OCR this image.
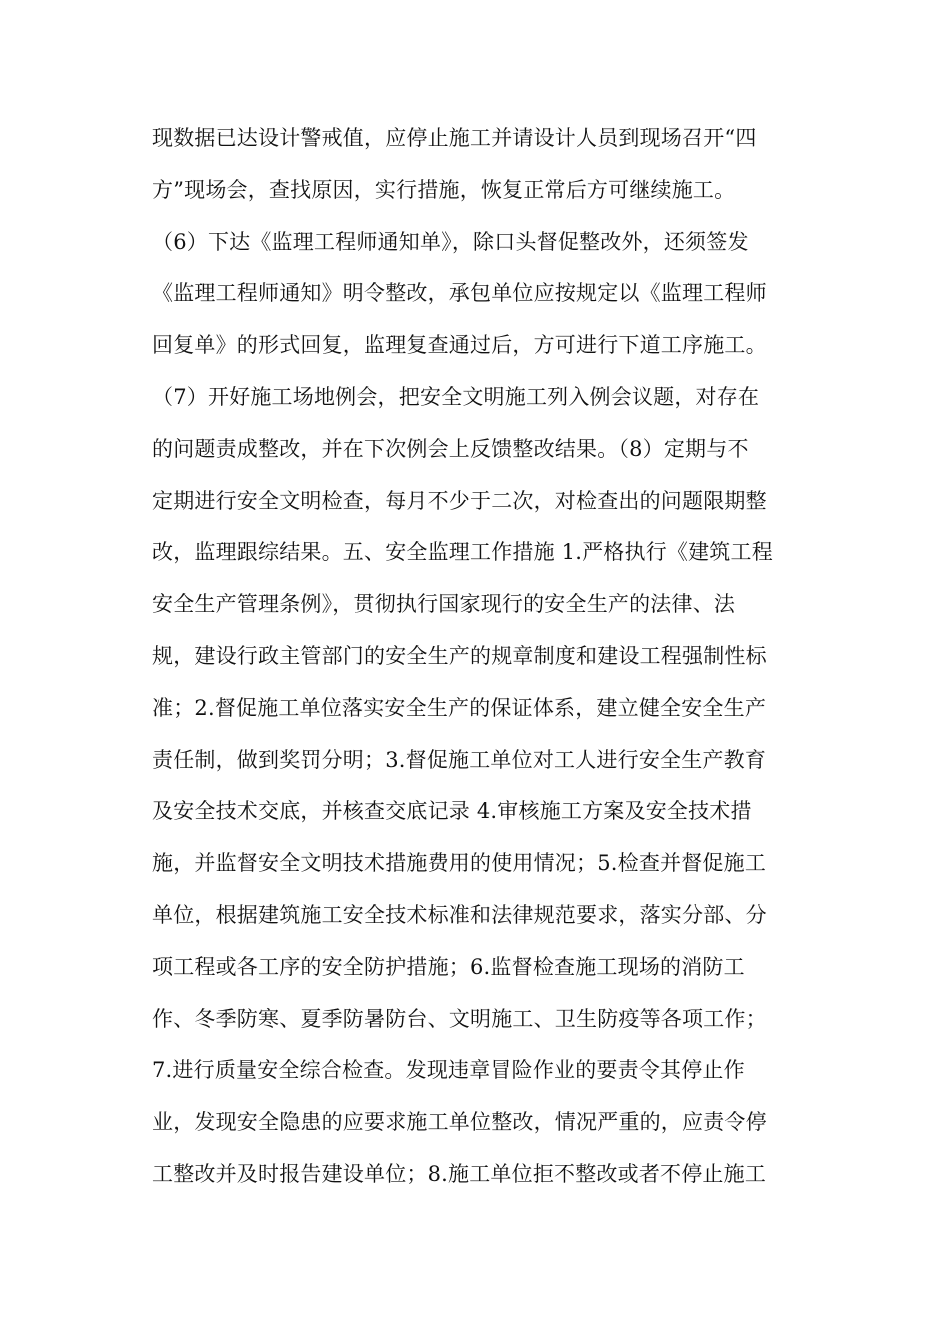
现数据已达设计警戒值，应停止施工并请设计人员到现场召开“四
方”现场会，查找原因，实行措施，恢复正常后方可继续施工。
（6）下达《监理工程师通知单》，除口头督促整改外，还须签发
《监理工程师通知》明令整改，承包单位应按规定以《监理工程师
回复单》的形式回复，监理复查通过后，方可进行下道工序施工。
（7）开好施工场地例会，把安全文明施工列入例会议题，对存在
的问题责成整改，并在下次例会上反馈整改结果。（8）定期与不
定期进行安全文明检查，每月不少于二次，对检查出的问题限期整
改，监理跟综结果。五、安全监理工作措施 1.严格执行《建筑工程
安全生产管理条例》，贯彻执行国家现行的安全生产的法律、法
规，建设行政主管部门的安全生产的规章制度和建设工程强制性标
准；2.督促施工单位落实安全生产的保证体系，建立健全安全生产
责任制，做到奖罚分明；3.督促施工单位对工人进行安全生产教育
及安全技术交底，并核查交底记录 4.审核施工方案及安全技术措
施，并监督安全文明技术措施费用的使用情况；5.检查并督促施工
单位，根据建筑施工安全技术标准和法律规范要求，落实分部、分
项工程或各工序的安全防护措施；6.监督检查施工现场的消防工
作、冬季防寒、夏季防暑防台、文明施工、卫生防疫等各项工作；
7.进行质量安全综合检查。发现违章冒险作业的要责令其停止作
业，发现安全隐患的应要求施工单位整改，情况严重的，应责令停
工整改并及时报告建设单位；8.施工单位拒不整改或者不停止施工
